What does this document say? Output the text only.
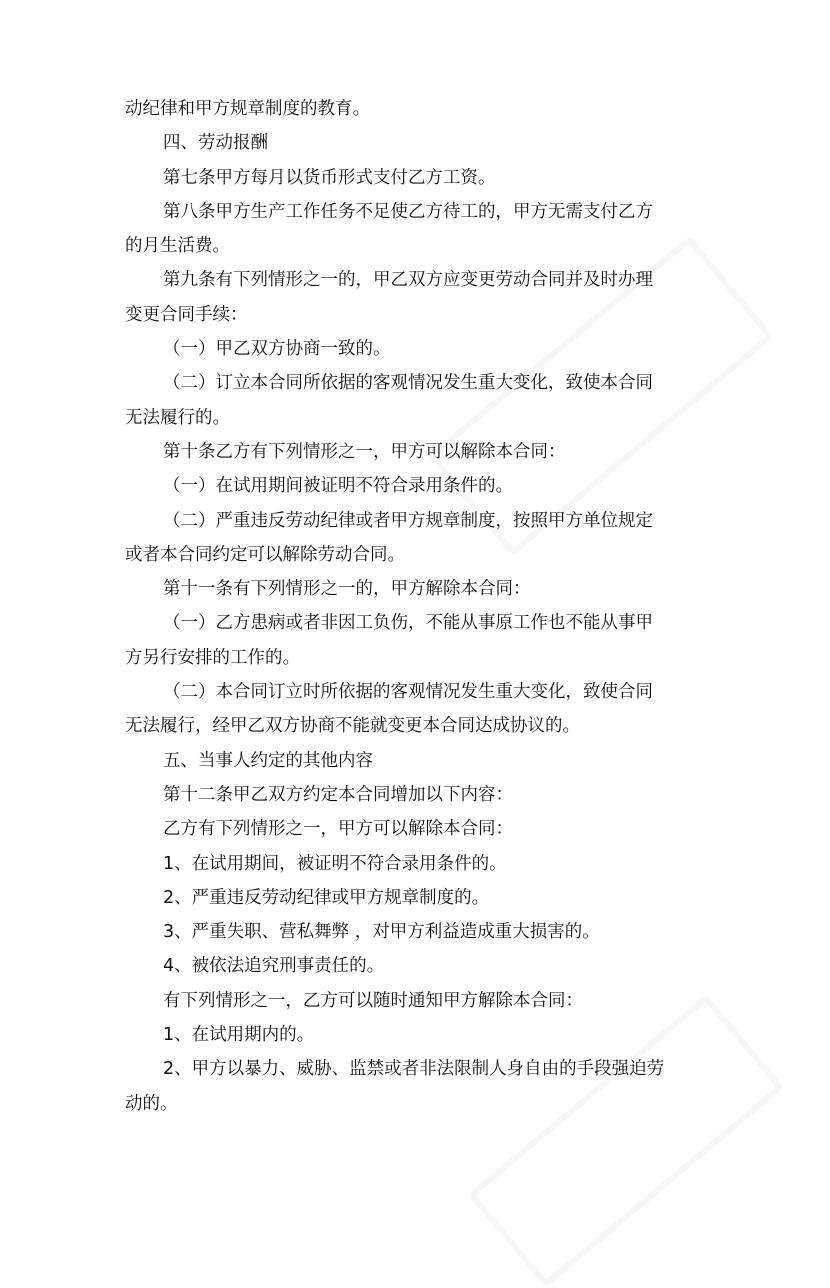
动纪律和甲方规章制度的教育。
四、劳动报酬
第七条甲方每月以货币形式支付乙方工资。
第八条甲方生产工作任务不足使乙方待工的，甲方无需支付乙方
的月生活费。
第九条有下列情形之一的，甲乙双方应变更劳动合同并及时办理
变更合同手续：
（一）甲乙双方协商一致的。
（二）订立本合同所依据的客观情况发生重大变化，致使本合同
无法履行的。
第十条乙方有下列情形之一，甲方可以解除本合同：
（一）在试用期间被证明不符合录用条件的。
（二）严重违反劳动纪律或者甲方规章制度，按照甲方单位规定
或者本合同约定可以解除劳动合同。
第十一条有下列情形之一的，甲方解除本合同：
（一）乙方患病或者非因工负伤，不能从事原工作也不能从事甲
方另行安排的工作的。
（二）本合同订立时所依据的客观情况发生重大变化，致使合同
无法履行，经甲乙双方协商不能就变更本合同达成协议的。
五、当事人约定的其他内容
第十二条甲乙双方约定本合同增加以下内容：
乙方有下列情形之一，甲方可以解除本合同：
1、在试用期间，被证明不符合录用条件的。
2、严重违反劳动纪律或甲方规章制度的。
3、严重失职、营私舞弊 ，对甲方利益造成重大损害的。
4、被依法追究刑事责任的。
有下列情形之一，乙方可以随时通知甲方解除本合同：
1、在试用期内的。
2、甲方以暴力、威胁、监禁或者非法限制人身自由的手段强迫劳
动的。
